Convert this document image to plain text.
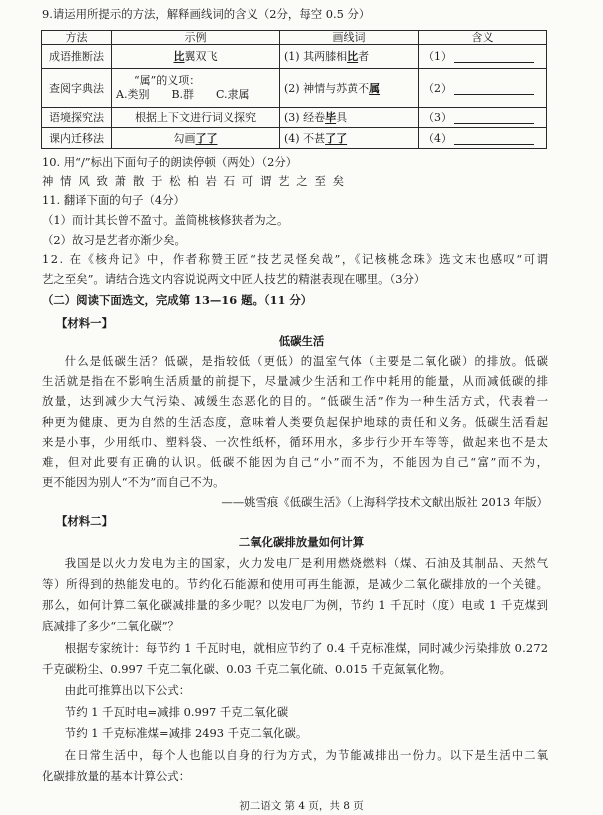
9.请运用所提示的方法，解释画线词的含义（2分，每空 0.5 分）
方法	示例	画线词	含义
成语推断法	比翼双飞	(1) 其两膝相比者	（1）
查阅字典法	“属”的义项：
A.类别　　B.群　　C.隶属	(2) 神情与苏黄不属	（2）
语境探究法	根据上下文进行词义探究	(3) 经卷毕具	（3）
课内迁移法	勾画了了	(4) 不甚了了	（4）
10. 用“/”标出下面句子的朗读停顿（两处）（2分）
神 情 风 致 萧 散 于 松 柏 岩 石 可 谓 艺 之 至 矣
11. 翻译下面的句子（4分）
（1）而计其长曾不盈寸。盖简桃核修狭者为之。
（2）故习是艺者亦渐少矣。
12. 在《核舟记》中，作者称赞王匠“技艺灵怪矣哉”，《记核桃念珠》选文末也感叹“可谓
艺之至矣”。请结合选文内容说说两文中匠人技艺的精湛表现在哪里。（3分）
（二）阅读下面选文，完成第 13—16 题。（11 分）
【材料一】
低碳生活
什么是低碳生活？低碳，是指较低（更低）的温室气体（主要是二氧化碳）的排放。低碳
生活就是指在不影响生活质量的前提下，尽量减少生活和工作中耗用的能量，从而减低碳的排
放量，达到减少大气污染、减缓生态恶化的目的。“低碳生活”作为一种生活方式，代表着一
种更为健康、更为自然的生活态度，意味着人类要负起保护地球的责任和义务。低碳生活看起
来是小事，少用纸巾、塑料袋、一次性纸杯，循环用水，多步行少开车等等，做起来也不是太
难，但对此要有正确的认识。低碳不能因为自己“小”而不为，不能因为自己“富”而不为，
更不能因为别人“不为”而自己不为。
——姚雪痕《低碳生活》（上海科学技术文献出版社 2013 年版）
【材料二】
二氧化碳排放量如何计算
我国是以火力发电为主的国家，火力发电厂是利用燃烧燃料（煤、石油及其制品、天然气
等）所得到的热能发电的。节约化石能源和使用可再生能源，是减少二氧化碳排放的一个关键。
那么，如何计算二氧化碳减排量的多少呢？以发电厂为例，节约 1 千瓦时（度）电或 1 千克煤到
底减排了多少“二氧化碳”？
根据专家统计：每节约 1 千瓦时电，就相应节约了 0.4 千克标准煤，同时减少污染排放 0.272
千克碳粉尘、0.997 千克二氧化碳、0.03 千克二氧化硫、0.015 千克氮氧化物。
由此可推算出以下公式：
节约 1 千瓦时电=减排 0.997 千克二氧化碳
节约 1 千克标准煤=减排 2493 千克二氧化碳。
在日常生活中，每个人也能以自身的行为方式，为节能减排出一份力。以下是生活中二氧
化碳排放量的基本计算公式：
初二语文 第 4 页，共 8 页
